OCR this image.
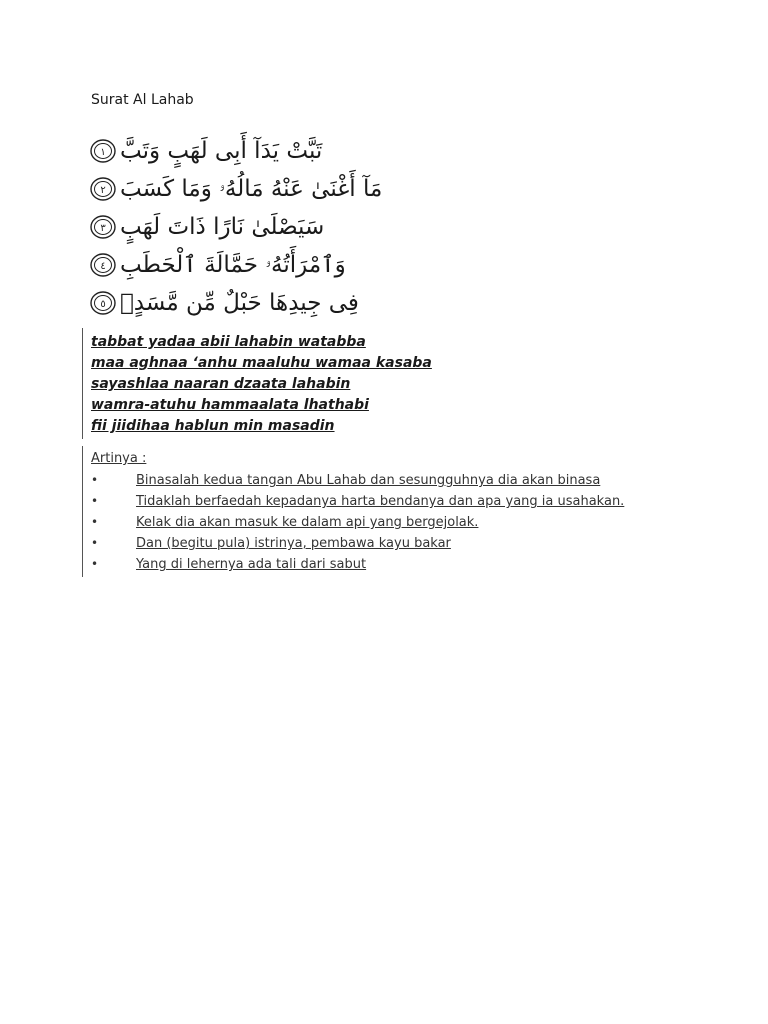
Surat Al Lahab
١ تَبَّتْ يَدَآ أَبِى لَهَبٍ وَتَبَّ
٢ مَآ أَغْنَىٰ عَنْهُ مَالُهُۥ وَمَا كَسَبَ
٣ سَيَصْلَىٰ نَارًا ذَاتَ لَهَبٍ
٤ وَٱمْرَأَتُهُۥ حَمَّالَةَ ٱلْحَطَبِ
٥ فِى جِيدِهَا حَبْلٌ مِّن مَّسَدٍۭ
tabbat yadaa abii lahabin watabba
maa aghnaa ‘anhu maaluhu wamaa kasaba
sayashlaa naaran dzaata lahabin
wamra-atuhu hammaalata lhathabi
fii jiidihaa hablun min masadin
Artinya :
•	Binasalah kedua tangan Abu Lahab dan sesungguhnya dia akan binasa
•	Tidaklah berfaedah kepadanya harta bendanya dan apa yang ia usahakan.
•	Kelak dia akan masuk ke dalam api yang bergejolak.
•	Dan (begitu pula) istrinya, pembawa kayu bakar
•	Yang di lehernya ada tali dari sabut
